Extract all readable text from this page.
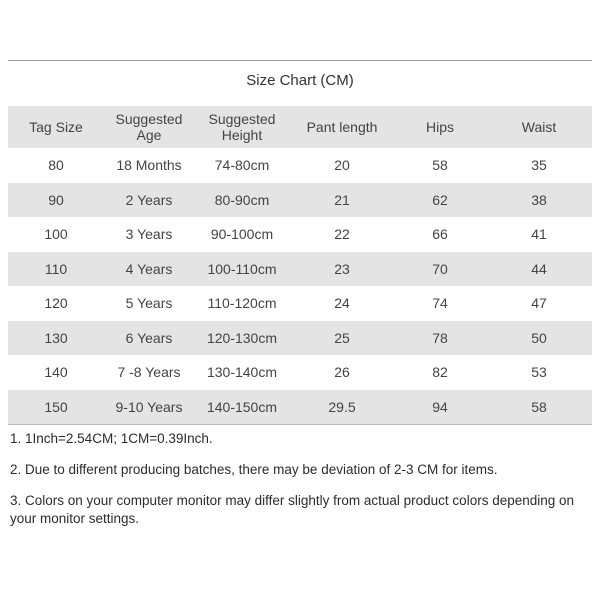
Size Chart (CM)
Tag Size	Suggested Age	Suggested Height	Pant length	Hips	Waist
80	18 Months	74-80cm	20	58	35
90	2 Years	80-90cm	21	62	38
100	3 Years	90-100cm	22	66	41
110	4 Years	100-110cm	23	70	44
120	5 Years	110-120cm	24	74	47
130	6 Years	120-130cm	25	78	50
140	7 -8 Years	130-140cm	26	82	53
150	9-10 Years	140-150cm	29.5	94	58

1. 1Inch=2.54CM; 1CM=0.39Inch.

2. Due to different producing batches, there may be deviation of 2-3 CM for items.

3. Colors on your computer monitor may differ slightly from actual product colors depending on your monitor settings.
